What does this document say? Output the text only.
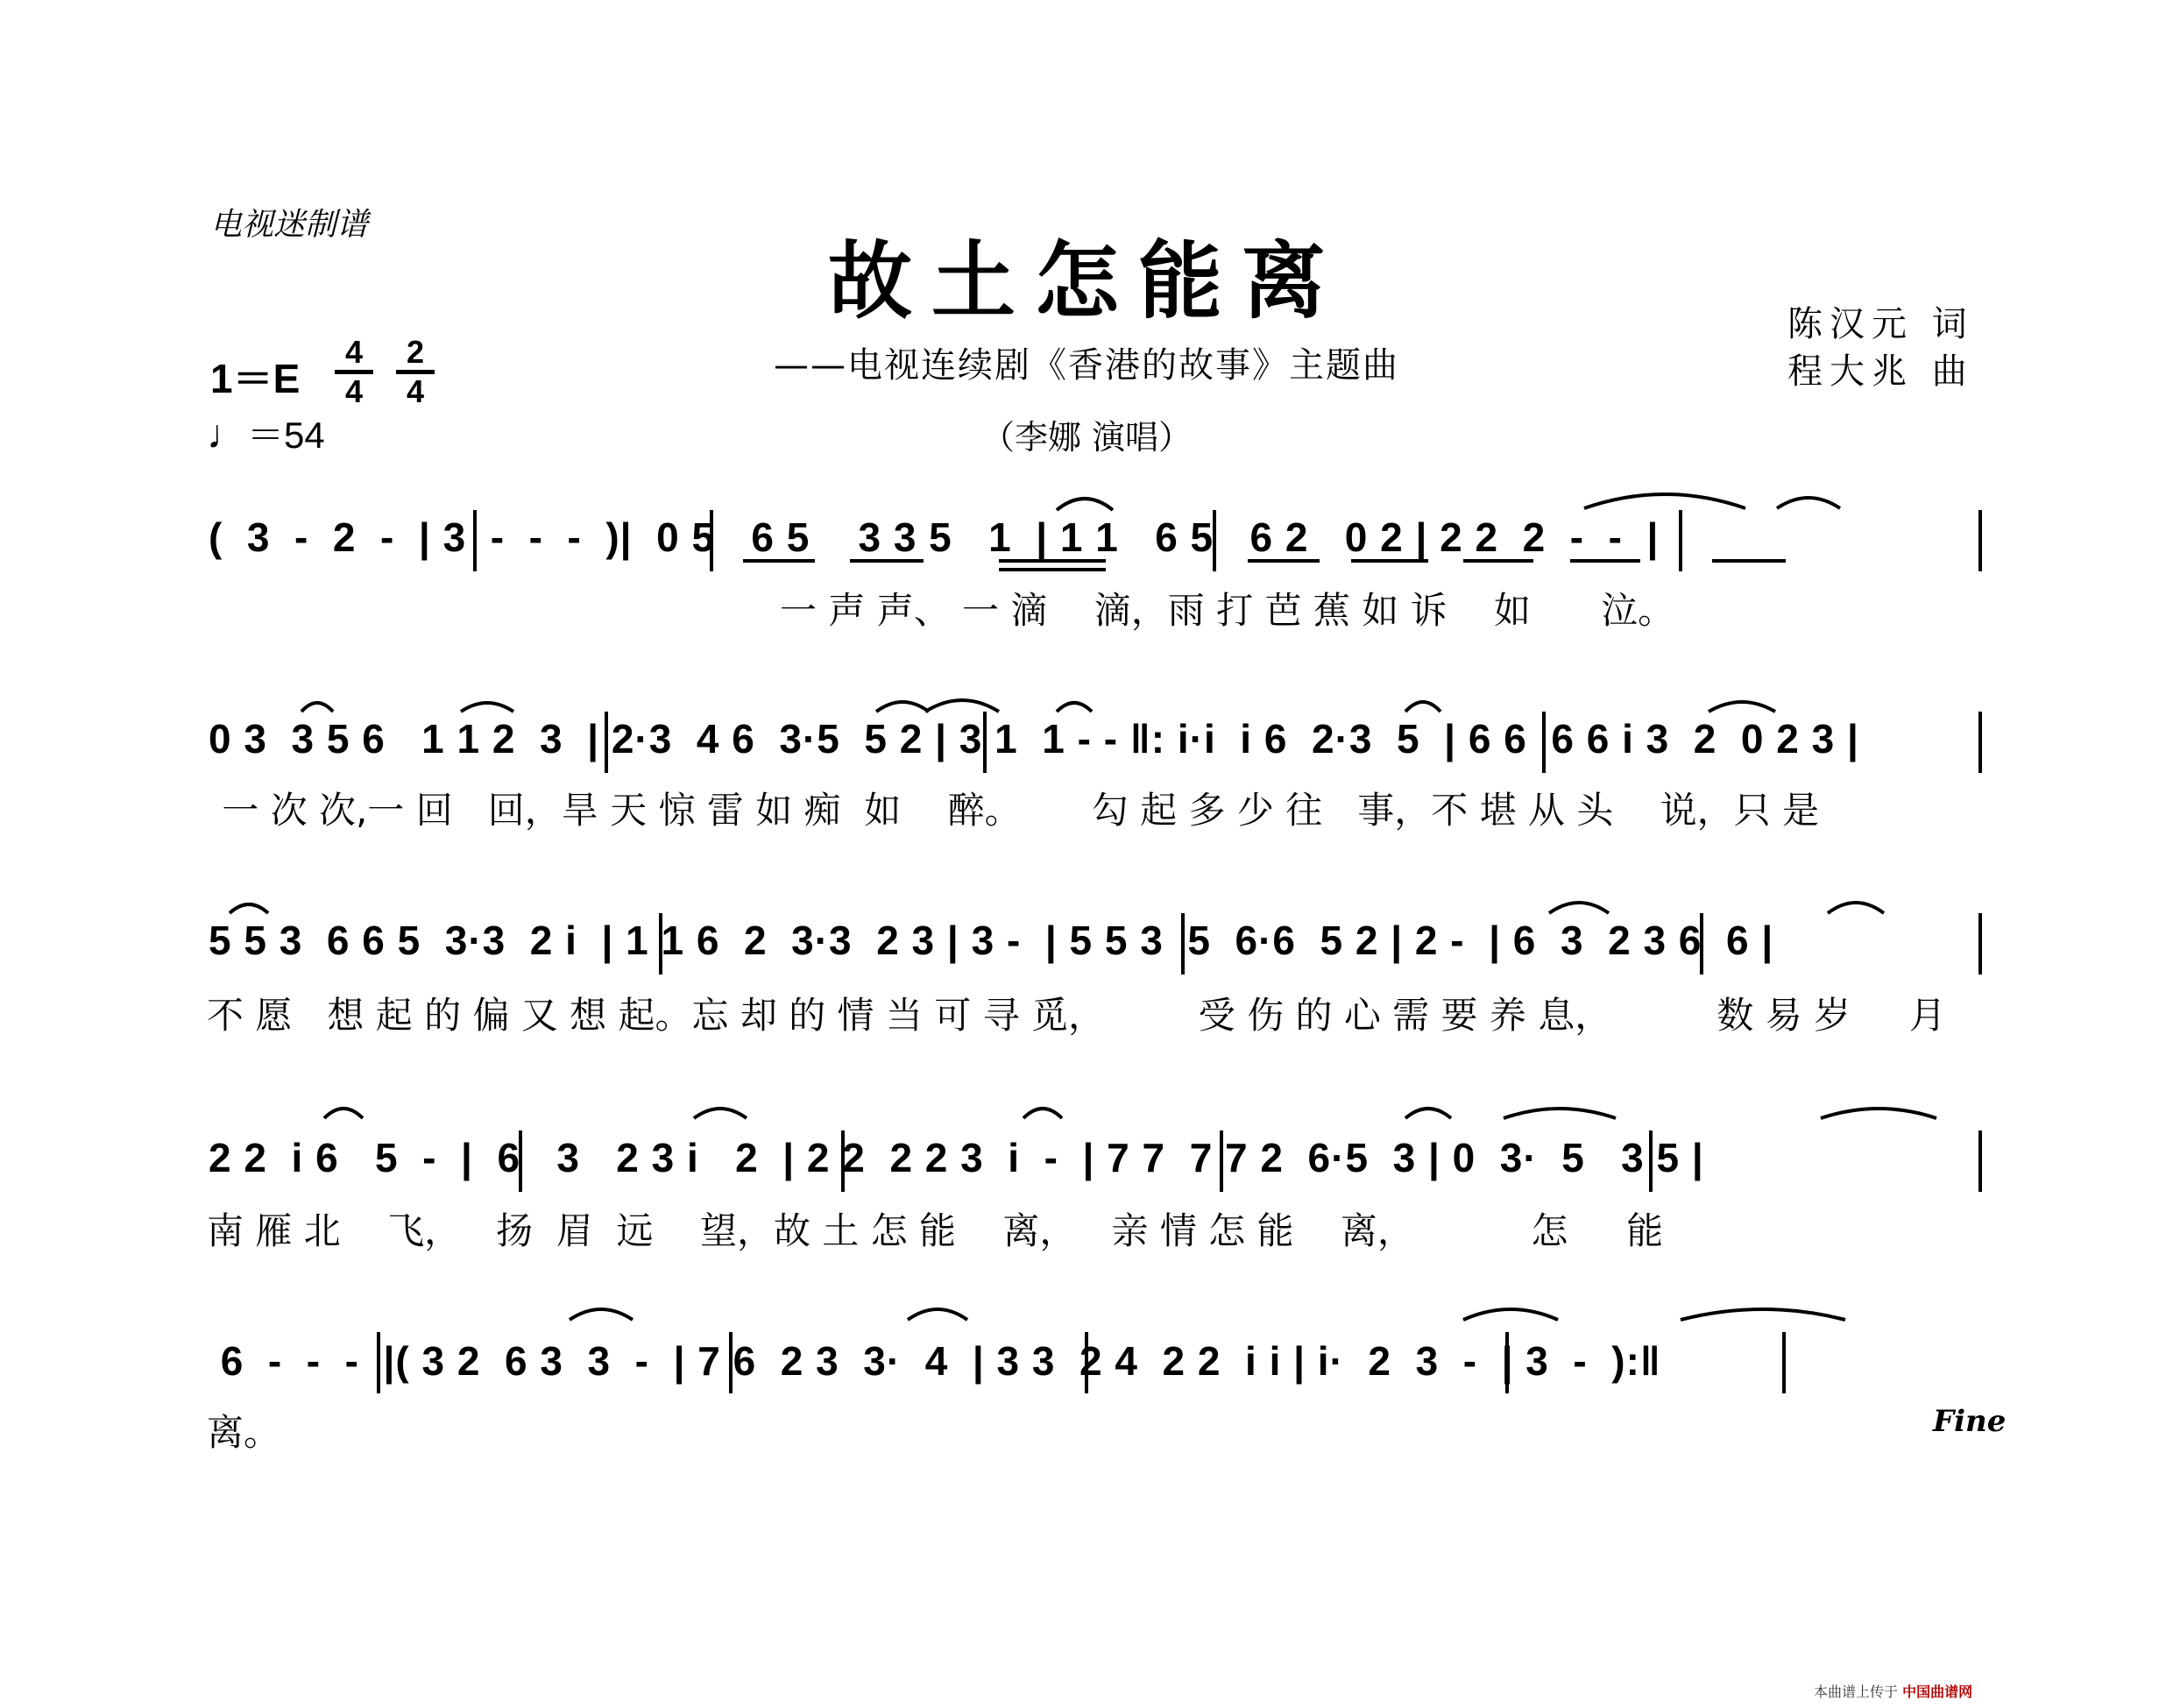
电视迷制谱
故土怎能离
——电视连续剧《香港的故事》主题曲
（李娜 演唱）
陈汉元 词
程大兆 曲
$1=E \frac{4}{4} \frac{2}{4}$
♩＝54
(  3  -  2  -  | 3  -  -  -  )|  0 5   6 5    3 3 5   1  | 1 1   6 5   6 2   0 2 | 2 2  2  -  -  |
一 声 声、 一 滴    滴，雨 打 芭 蕉 如 诉    如      泣。
0 3  3 5 6   1 1 2  3  | 2·3  4 6  3·5  5 2 | 3 1  1 - - ‖: i·i  i 6  2·3  5  | 6 6  6 6 i 3  2  0 2 3 |
一 次 次,一 回   回，旱 天 惊 雷 如 痴  如    醉。      勾 起 多 少 往   事，不 堪 从 头    说，只 是
5 5 3  6 6 5  3·3  2 i  | 1 1 6  2  3·3  2 3 | 3 -  | 5 5 3  5  6·6  5 2 | 2 -  | 6  3  2 3 6  6 |
不 愿   想 起 的 偏 又 想 起。忘 却 的 情 当 可 寻 觅，        受 伤 的 心 需 要 养 息，         数 易 岁     月
2 2  i 6   5  -  |  6   3   2 3 i   2  | 2 2  2 2 3  i  -  | 7 7  7 7 2  6·5  3 | 0  3·  5   3 5 |
南 雁 北    飞，   扬  眉  远    望，故 土 怎 能    离，   亲 情 怎 能    离，          怎     能
6  -  -  -  |( 3 2  6 3  3  -  | 7 6  2 3  3·  4  | 3 3  2 4  2 2  i i | i·  2  3  -  | 3  -  ):‖
离。	Fine
本曲谱上传于 中国曲谱网
